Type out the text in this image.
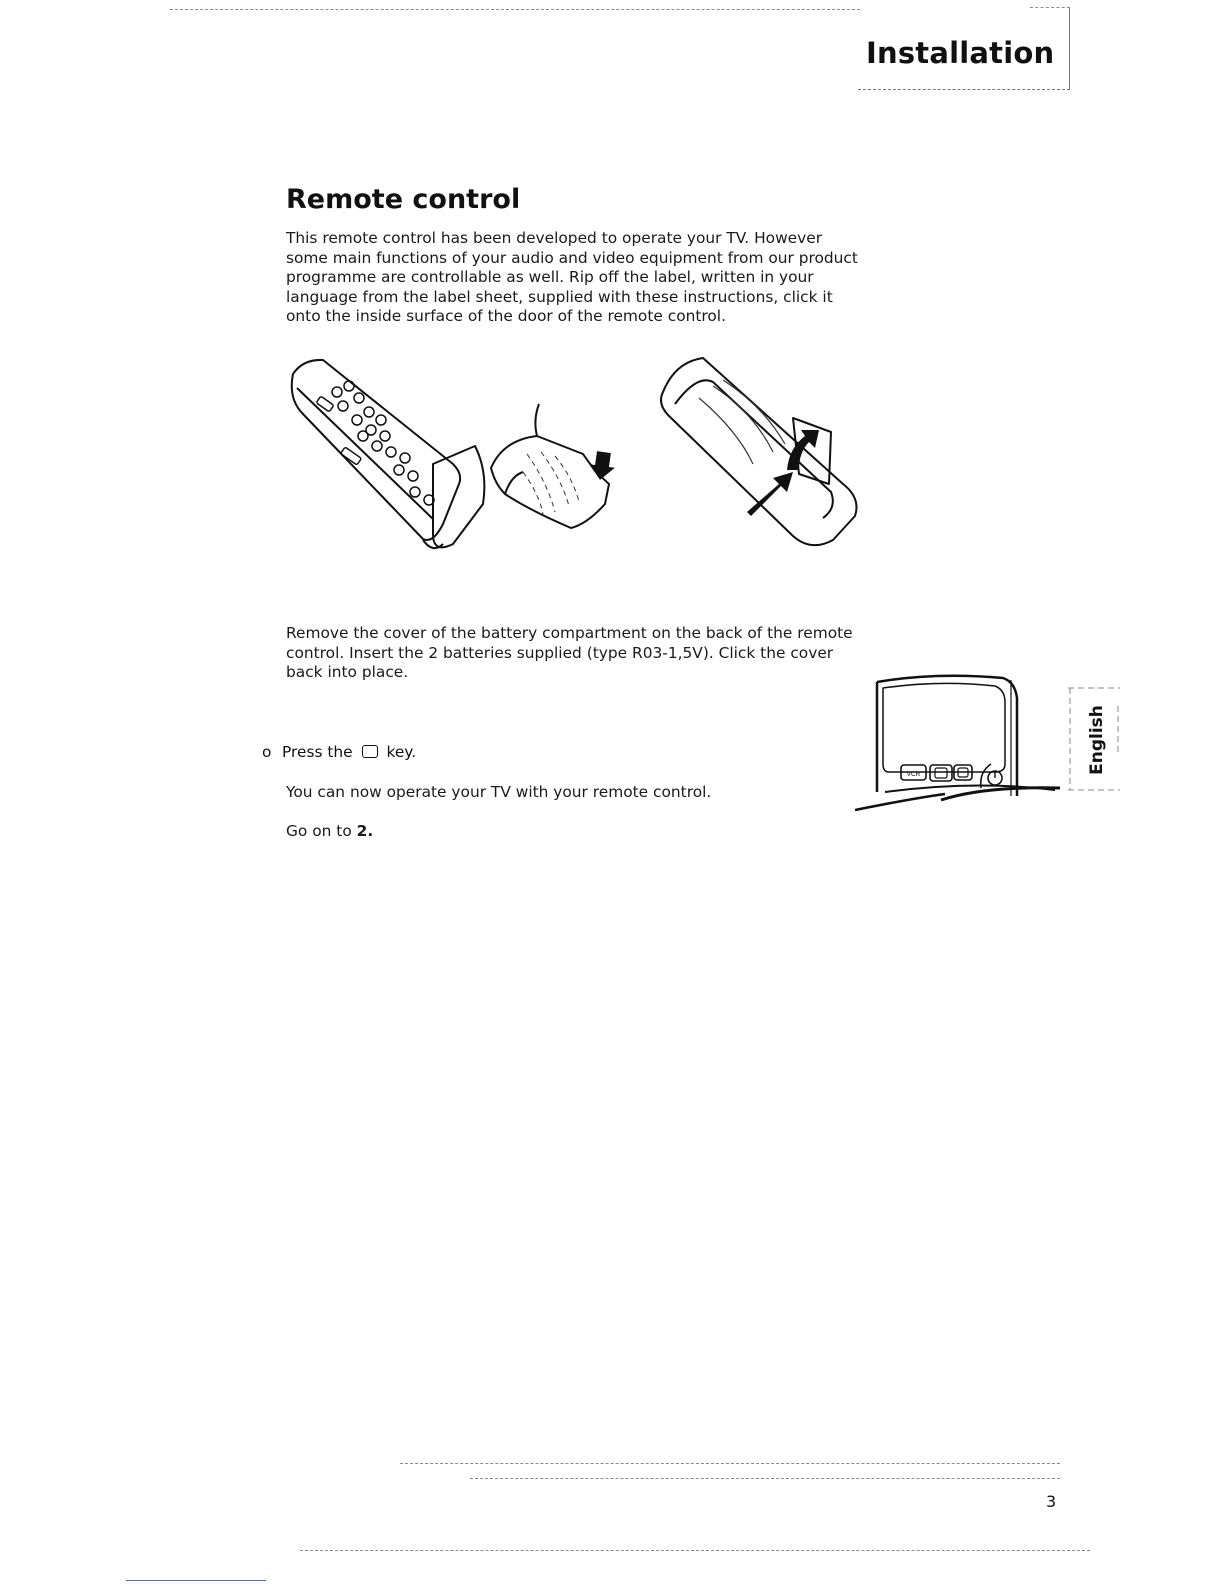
Installation
Remote control

This remote control has been developed to operate your TV. However some main functions of your audio and video equipment from our product programme are controllable as well. Rip off the label, written in your language from the label sheet, supplied with these instructions, click it onto the inside surface of the door of the remote control.

Remove the cover of the battery compartment on the back of the remote control. Insert the 2 batteries supplied (type R03-1,5V). Click the cover back into place.

o Press the key.

You can now operate your TV with your remote control.

Go on to 2.

VCR	English
3
